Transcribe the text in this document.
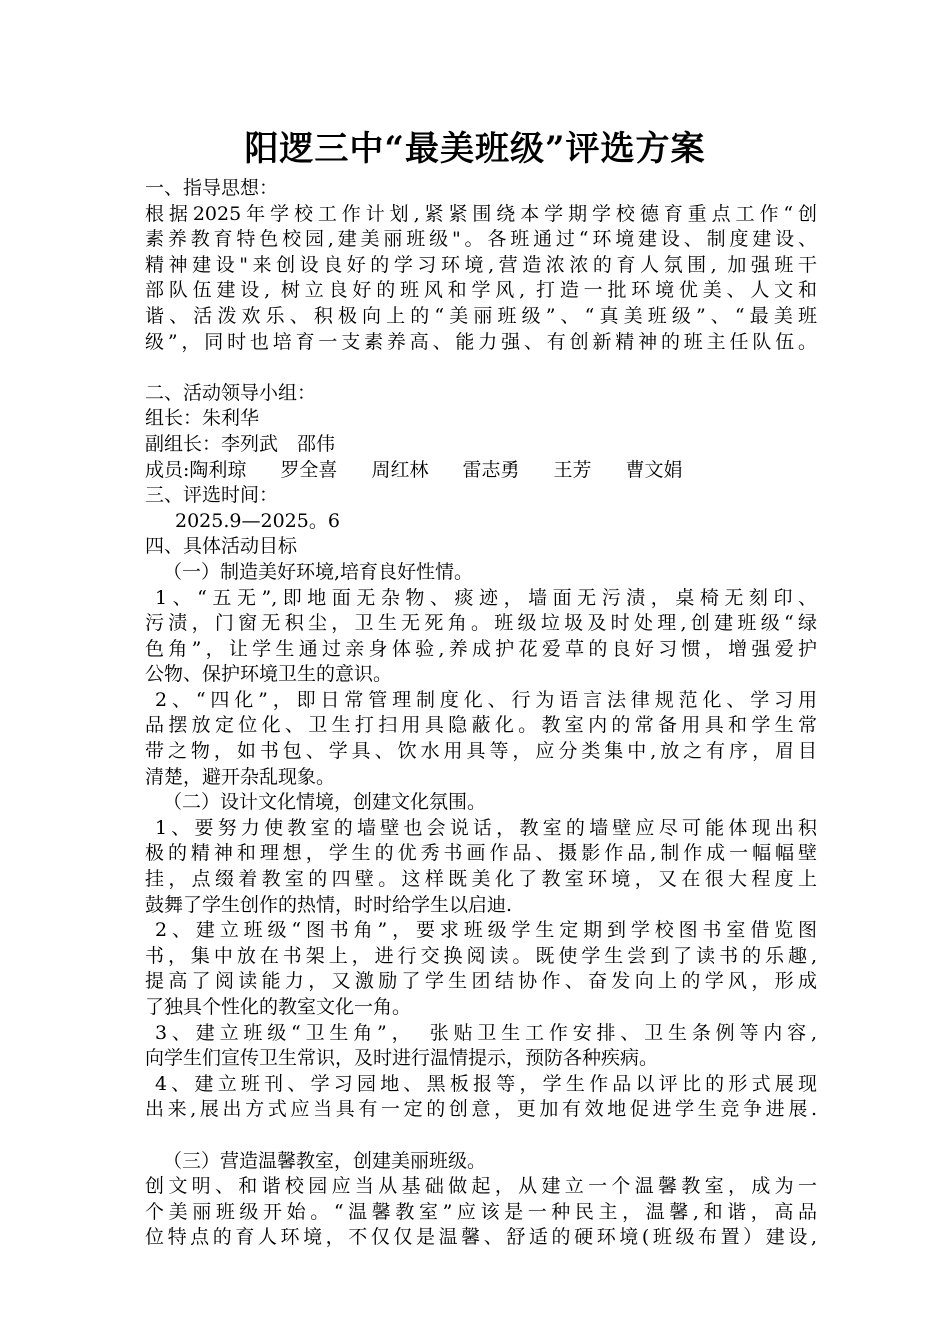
阳逻三中“最美班级”评选方案
一、指导思想：
根据2025年学校工作计划,紧紧围绕本学期学校德育重点工作“创
素养教育特色校园,建美丽班级"。各班通过“环境建设、制度建设、
精神建设"来创设良好的学习环境,营造浓浓的育人氛围, 加强班干
部队伍建设, 树立良好的班风和学风, 打造一批环境优美、人文和
谐、活泼欢乐、积极向上的“美丽班级”、“真美班级”、“最美班
级”，同时也培育一支素养高、能力强、有创新精神的班主任队伍。
二、活动领导小组：
组长：朱利华
副组长：李列武　邵伟
成员:陶利琼 罗全喜 周红林 雷志勇 王芳 曹文娟
三、评选时间：
2025.9—2025。6
四、具体活动目标
（一）制造美好环境,培育良好性情。
1、“五无”,即地面无杂物、痰迹，墙面无污渍，桌椅无刻印、
污渍，门窗无积尘，卫生无死角。班级垃圾及时处理,创建班级“绿
色角”，让学生通过亲身体验,养成护花爱草的良好习惯，增强爱护
公物、保护环境卫生的意识。
2、“四化”，即日常管理制度化、行为语言法律规范化、学习用
品摆放定位化、卫生打扫用具隐蔽化。教室内的常备用具和学生常
带之物，如书包、学具、饮水用具等，应分类集中,放之有序，眉目
清楚，避开杂乱现象。
（二）设计文化情境，创建文化氛围。
1、要努力使教室的墙壁也会说话，教室的墙壁应尽可能体现出积
极的精神和理想，学生的优秀书画作品、摄影作品,制作成一幅幅壁
挂，点缀着教室的四壁。这样既美化了教室环境，又在很大程度上
鼓舞了学生创作的热情，时时给学生以启迪.
2、建立班级“图书角”，要求班级学生定期到学校图书室借览图
书，集中放在书架上，进行交换阅读。既使学生尝到了读书的乐趣,
提高了阅读能力，又激励了学生团结协作、奋发向上的学风，形成
了独具个性化的教室文化一角。
3、建立班级“卫生角”，　张贴卫生工作安排、卫生条例等内容,
向学生们宣传卫生常识，及时进行温情提示，预防各种疾病。
4、建立班刊、学习园地、黑板报等，学生作品以评比的形式展现
出来,展出方式应当具有一定的创意，更加有效地促进学生竞争进展.
（三）营造温馨教室，创建美丽班级。
创文明、和谐校园应当从基础做起，从建立一个温馨教室，成为一
个美丽班级开始。“温馨教室”应该是一种民主，温馨,和谐，高品
位特点的育人环境，不仅仅是温馨、舒适的硬环境(班级布置）建设,
